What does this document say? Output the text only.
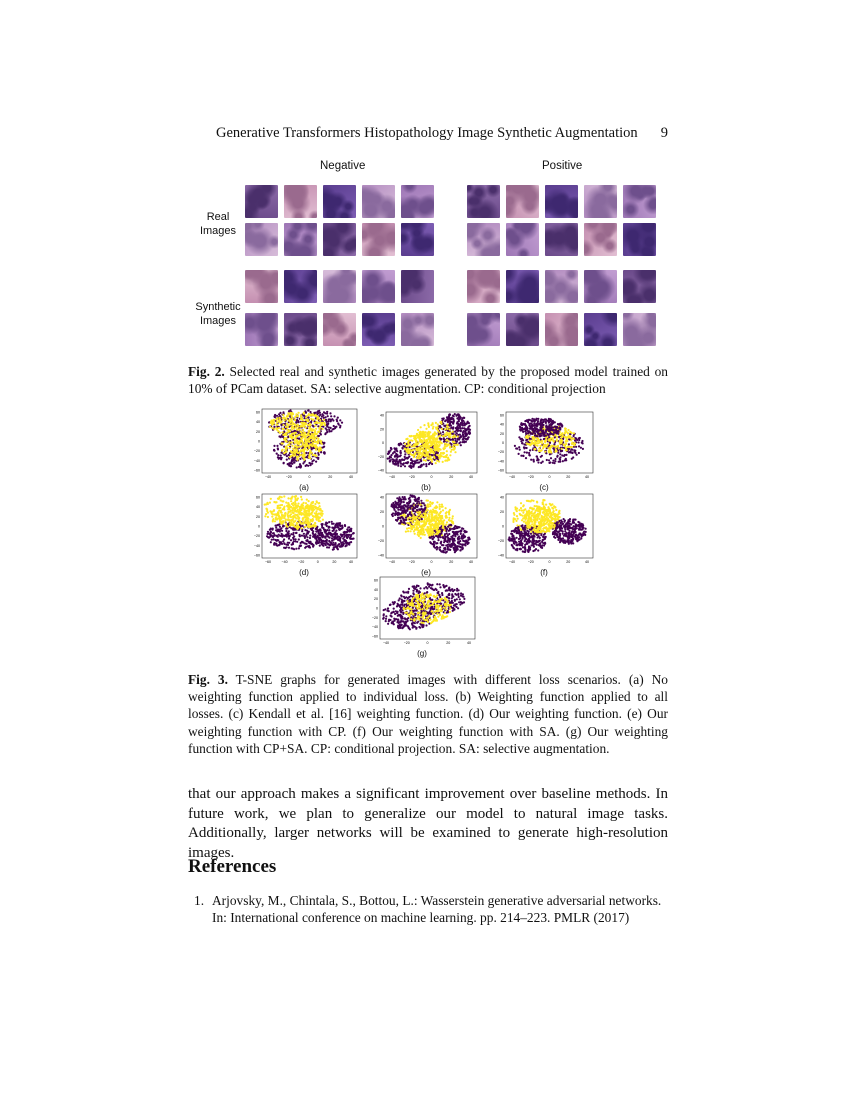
Generative Transformers Histopathology Image Synthetic Augmentation 9
Negative	Positive
Real
Images
Synthetic
Images
Fig. 2. Selected real and synthetic images generated by the proposed model trained on 10% of PCam dataset. SA: selective augmentation. CP: conditional projection
60
40
20
0
−20
−40
−60
−40	−20	0	20	40
(a)
40
20
0
−20
−40
−40	−20	0	20	40
(b)
60
40
20
0
−20
−40
−60
−40	−20	0	20	40
(c)
60
40
20
0
−20
−40
−60
−60	−40	−20	0	20	40
(d)
40
20
0
−20
−40
−40	−20	0	20	40
(e)
40
20
0
−20
−40
−40	−20	0	20	40
(f)
60
40
20
0
−20
−40
−60
−40	−20	0	20	40
(g)
Fig. 3. T-SNE graphs for generated images with different loss scenarios. (a) No weighting function applied to individual loss. (b) Weighting function applied to all losses. (c) Kendall et al. [16] weighting function. (d) Our weighting function. (e) Our weighting function with CP. (f) Our weighting function with SA. (g) Our weighting function with CP+SA. CP: conditional projection. SA: selective augmentation.
that our approach makes a significant improvement over baseline methods. In future work, we plan to generalize our model to natural image tasks. Additionally, larger networks will be examined to generate high-resolution images.
References
1. Arjovsky, M., Chintala, S., Bottou, L.: Wasserstein generative adversarial networks. In: International conference on machine learning. pp. 214–223. PMLR (2017)
